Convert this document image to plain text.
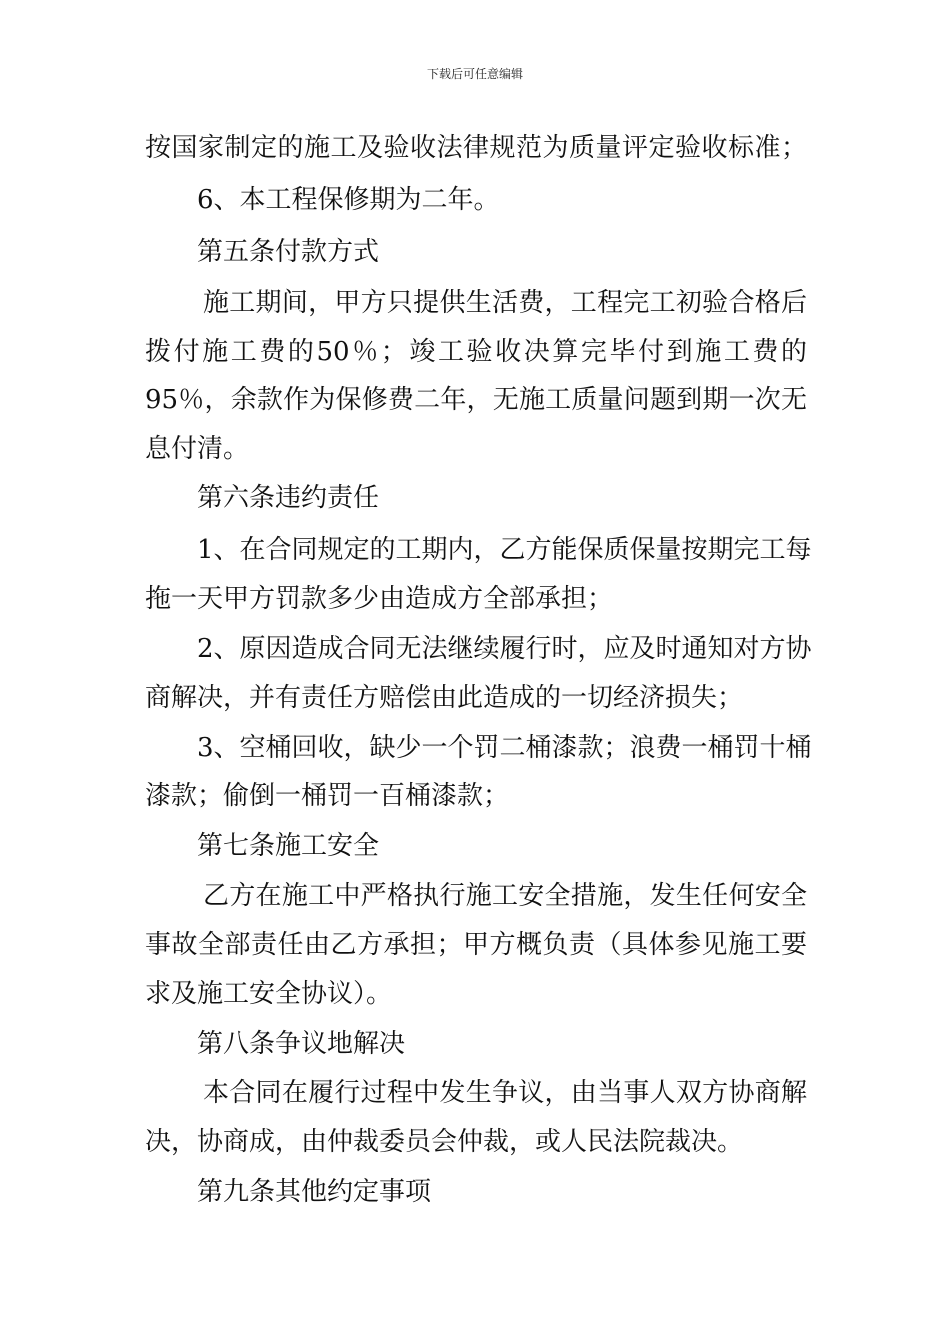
下载后可任意编辑
按国家制定的施工及验收法律规范为质量评定验收标准；
6、本工程保修期为二年。
第五条付款方式
施工期间，甲方只提供生活费，工程完工初验合格后
拨付施工费的50％；竣工验收决算完毕付到施工费的
95％，余款作为保修费二年，无施工质量问题到期一次无
息付清。
第六条违约责任
1、在合同规定的工期内，乙方能保质保量按期完工每
拖一天甲方罚款多少由造成方全部承担；
2、原因造成合同无法继续履行时，应及时通知对方协
商解决，并有责任方赔偿由此造成的一切经济损失；
3、空桶回收，缺少一个罚二桶漆款；浪费一桶罚十桶
漆款；偷倒一桶罚一百桶漆款；
第七条施工安全
乙方在施工中严格执行施工安全措施，发生任何安全
事故全部责任由乙方承担；甲方概负责（具体参见施工要
求及施工安全协议）。
第八条争议地解决
本合同在履行过程中发生争议，由当事人双方协商解
决，协商成，由仲裁委员会仲裁，或人民法院裁决。
第九条其他约定事项
